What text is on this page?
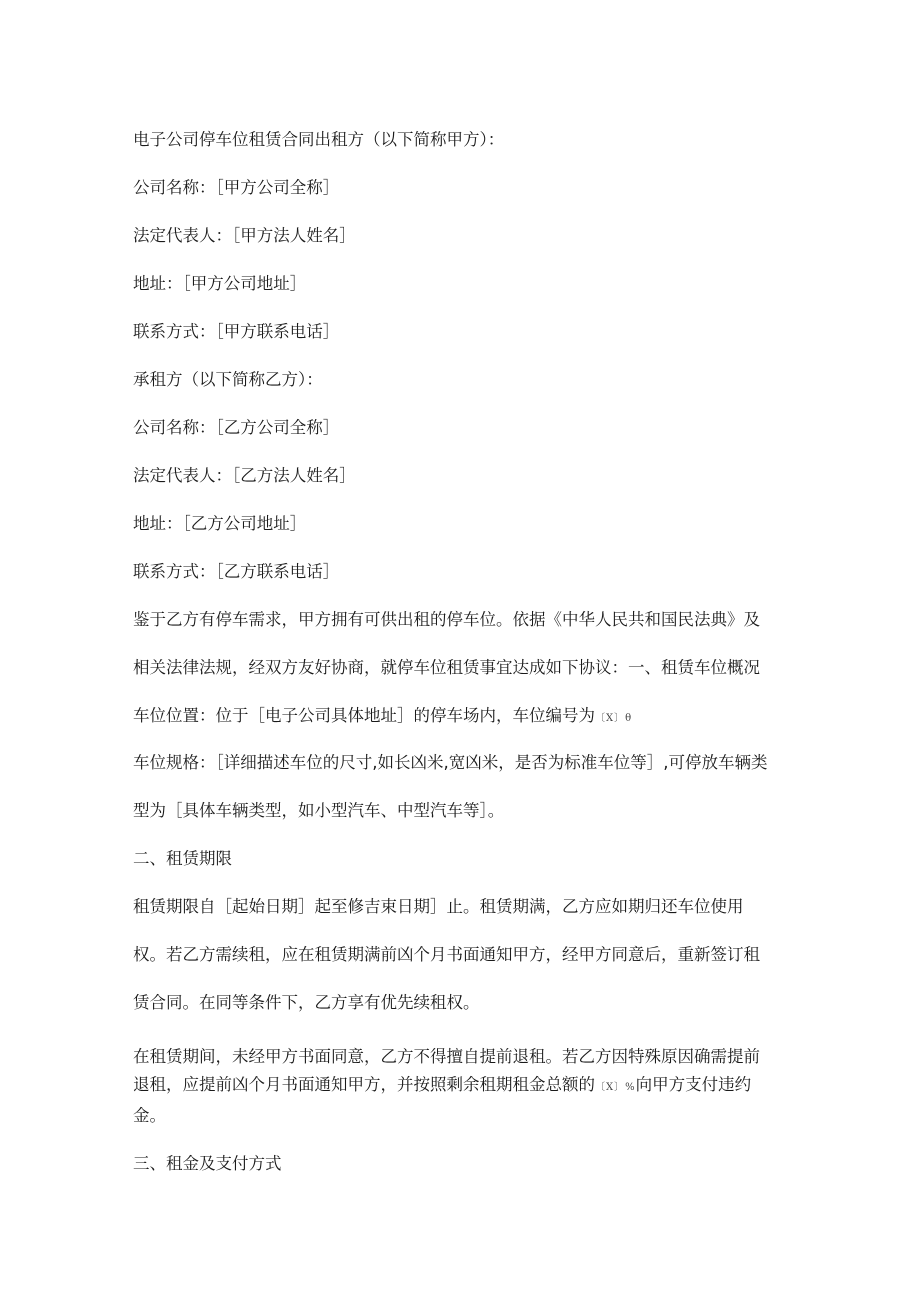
电子公司停车位租赁合同出租方（以下简称甲方）：

公司名称：［甲方公司全称］

法定代表人：［甲方法人姓名］

地址：［甲方公司地址］

联系方式：［甲方联系电话］

承租方（以下简称乙方）：

公司名称：［乙方公司全称］

法定代表人：［乙方法人姓名］

地址：［乙方公司地址］

联系方式：［乙方联系电话］

鉴于乙方有停车需求，甲方拥有可供出租的停车位。依据《中华人民共和国民法典》及

相关法律法规，经双方友好协商，就停车位租赁事宜达成如下协议：一、租赁车位概况

车位位置：位于［电子公司具体地址］的停车场内，车位编号为〔X〕θ

车位规格：［详细描述车位的尺寸,如长凶米,宽凶米，是否为标准车位等］,可停放车辆类

型为［具体车辆类型，如小型汽车、中型汽车等］。

二、租赁期限

租赁期限自［起始日期］起至修吉束日期］止。租赁期满，乙方应如期归还车位使用

权。若乙方需续租，应在租赁期满前凶个月书面通知甲方，经甲方同意后，重新签订租

赁合同。在同等条件下，乙方享有优先续租权。

在租赁期间，未经甲方书面同意，乙方不得擅自提前退租。若乙方因特殊原因确需提前

退租，应提前凶个月书面通知甲方，并按照剩余租期租金总额的〔X〕%向甲方支付违约

金。

三、租金及支付方式
